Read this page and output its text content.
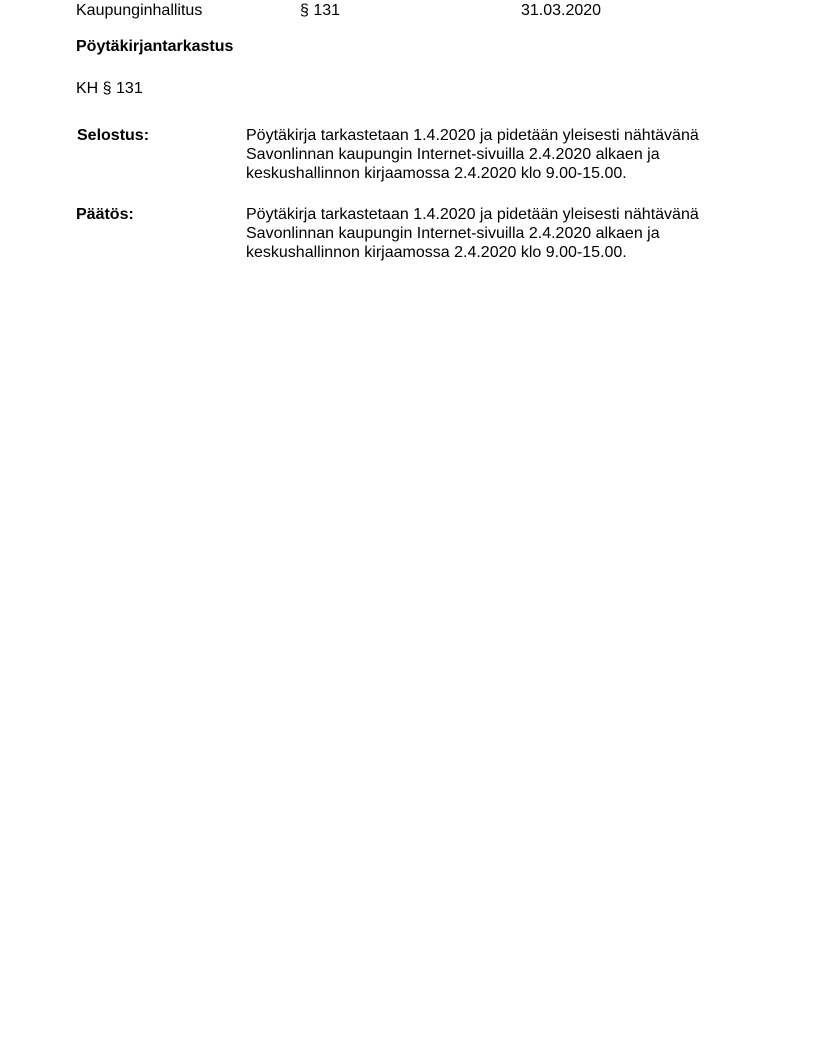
Kaupunginhallitus	§ 131	31.03.2020
Pöytäkirjantarkastus
KH § 131
Selostus:	Pöytäkirja tarkastetaan 1.4.2020 ja pidetään yleisesti nähtävänä
Savonlinnan kaupungin Internet-sivuilla 2.4.2020 alkaen ja
keskushallinnon kirjaamossa 2.4.2020 klo 9.00-15.00.
Päätös:	Pöytäkirja tarkastetaan 1.4.2020 ja pidetään yleisesti nähtävänä
Savonlinnan kaupungin Internet-sivuilla 2.4.2020 alkaen ja
keskushallinnon kirjaamossa 2.4.2020 klo 9.00-15.00.
